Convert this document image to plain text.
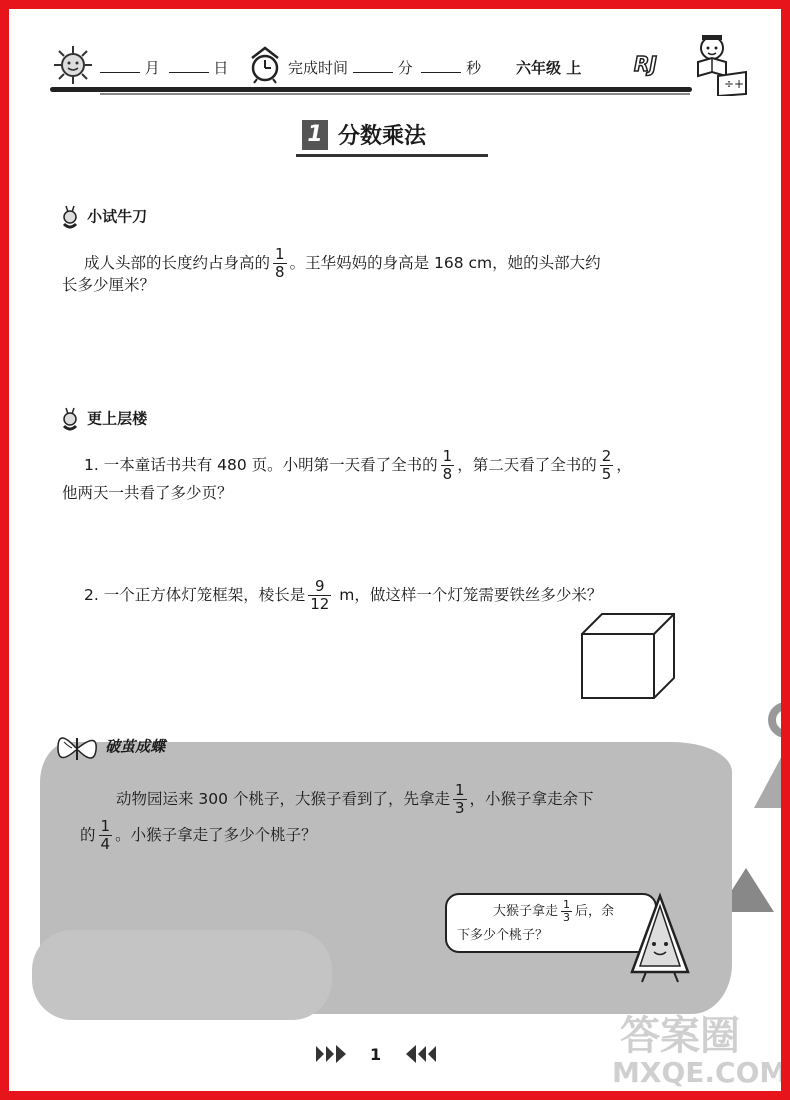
月	日	完成时间	分	秒 六年级 上	RJ
÷ +
1 分数乘法
小试牛刀
成人头部的长度约占身高的 $\frac{1}{8}$ 。王华妈妈的身高是 168 cm，她的头部大约
长多少厘米？
更上层楼
1. 一本童话书共有 480 页。小明第一天看了全书的 $\frac{1}{8}$ ，第二天看了全书的 $\frac{2}{5}$ ，
他两天一共看了多少页？
2. 一个正方体灯笼框架，棱长是 $\frac{9}{12}$ m，做这样一个灯笼需要铁丝多少米？
破茧成蝶
动物园运来 300 个桃子，大猴子看到了，先拿走 $\frac{1}{3}$ ，小猴子拿走余下
的 $\frac{1}{4}$ 。小猴子拿走了多少个桃子？
大猴子拿走 $\frac{1}{3}$ 后，余
下多少个桃子？
1	答案圈
MXQE.COM
